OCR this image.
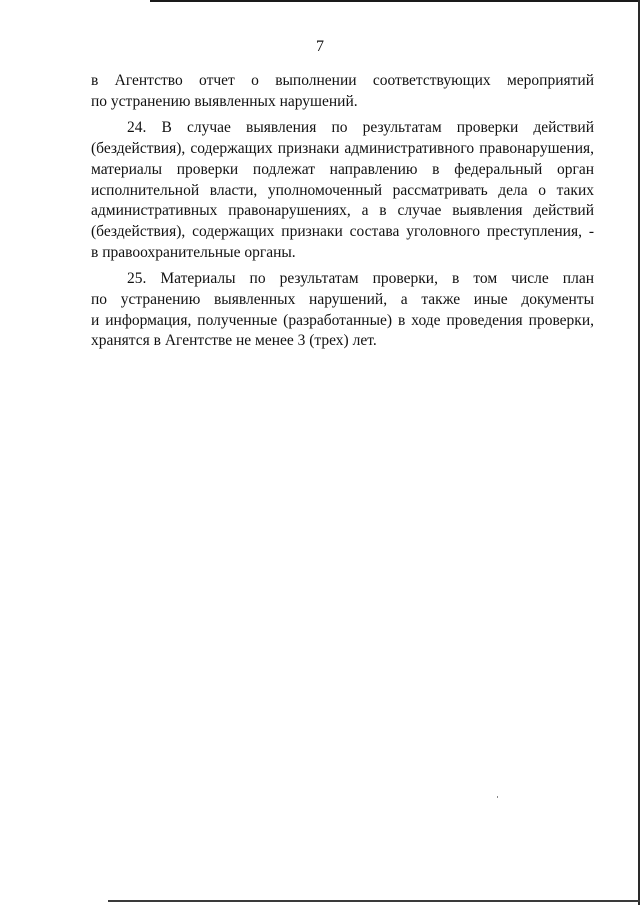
7
в Агентство отчет о выполнении соответствующих мероприятий
по устранению выявленных нарушений.
24. В случае выявления по результатам проверки действий
(бездействия), содержащих признаки административного правонарушения,
материалы проверки подлежат направлению в федеральный орган
исполнительной власти, уполномоченный рассматривать дела о таких
административных правонарушениях, а в случае выявления действий
(бездействия), содержащих признаки состава уголовного преступления, -
в правоохранительные органы.
25. Материалы по результатам проверки, в том числе план
по устранению выявленных нарушений, а также иные документы
и информация, полученные (разработанные) в ходе проведения проверки,
хранятся в Агентстве не менее 3 (трех) лет.
